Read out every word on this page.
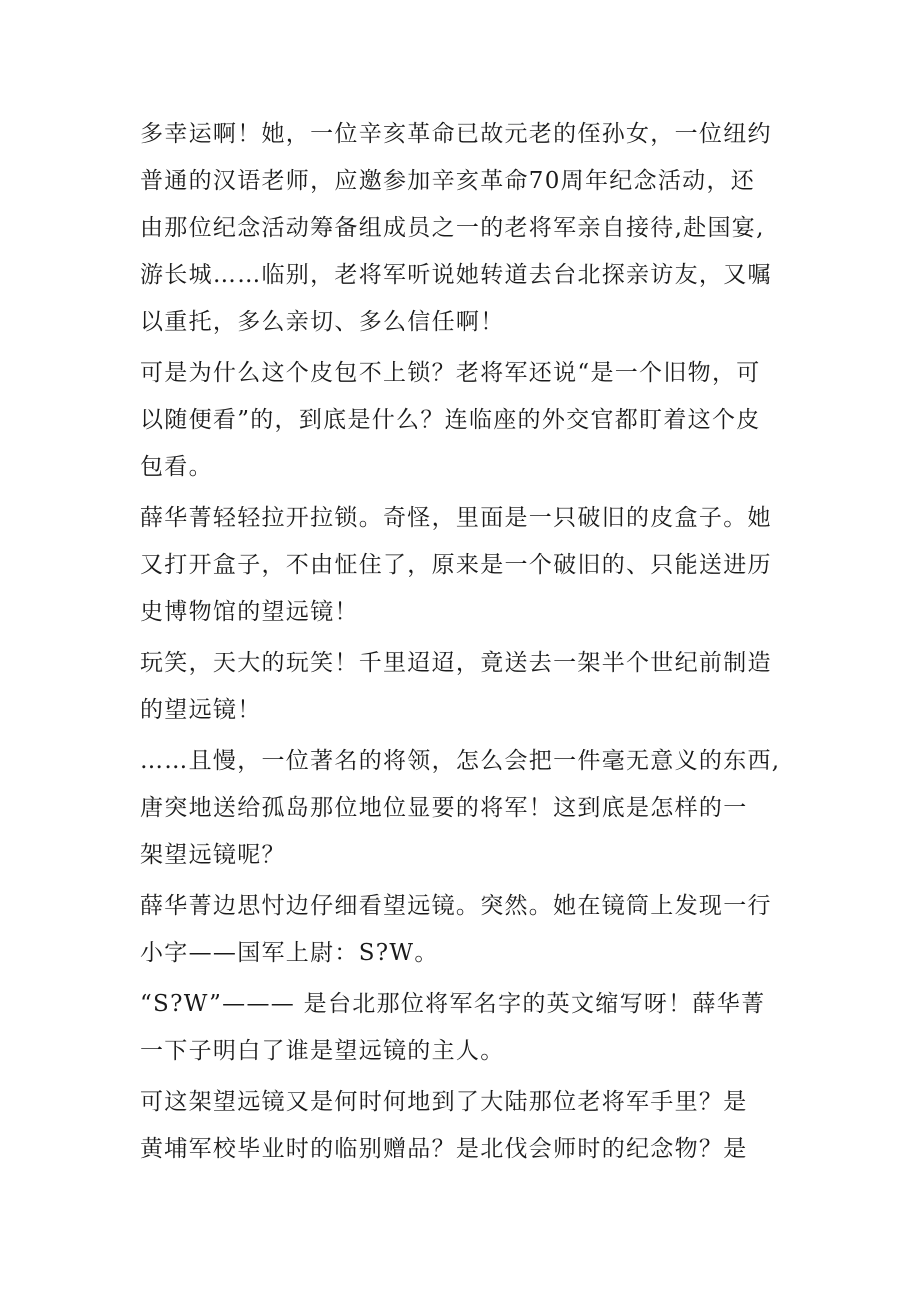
多幸运啊！她，一位辛亥革命已故元老的侄孙女，一位纽约
普通的汉语老师，应邀参加辛亥革命70周年纪念活动，还
由那位纪念活动筹备组成员之一的老将军亲自接待,赴国宴,
游长城……临别，老将军听说她转道去台北探亲访友，又嘱
以重托，多么亲切、多么信任啊！
可是为什么这个皮包不上锁？老将军还说“是一个旧物，可
以随便看”的，到底是什么？连临座的外交官都盯着这个皮
包看。
薛华菁轻轻拉开拉锁。奇怪，里面是一只破旧的皮盒子。她
又打开盒子，不由怔住了，原来是一个破旧的、只能送进历
史博物馆的望远镜！
玩笑，天大的玩笑！千里迢迢，竟送去一架半个世纪前制造
的望远镜！
……且慢，一位著名的将领，怎么会把一件毫无意义的东西,
唐突地送给孤岛那位地位显要的将军！这到底是怎样的一
架望远镜呢？
薛华菁边思忖边仔细看望远镜。突然。她在镜筒上发现一行
小字——国军上尉：S?W。
“S?W”——— 是台北那位将军名字的英文缩写呀！薛华菁
一下子明白了谁是望远镜的主人。
可这架望远镜又是何时何地到了大陆那位老将军手里？是
黄埔军校毕业时的临别赠品？是北伐会师时的纪念物？是
